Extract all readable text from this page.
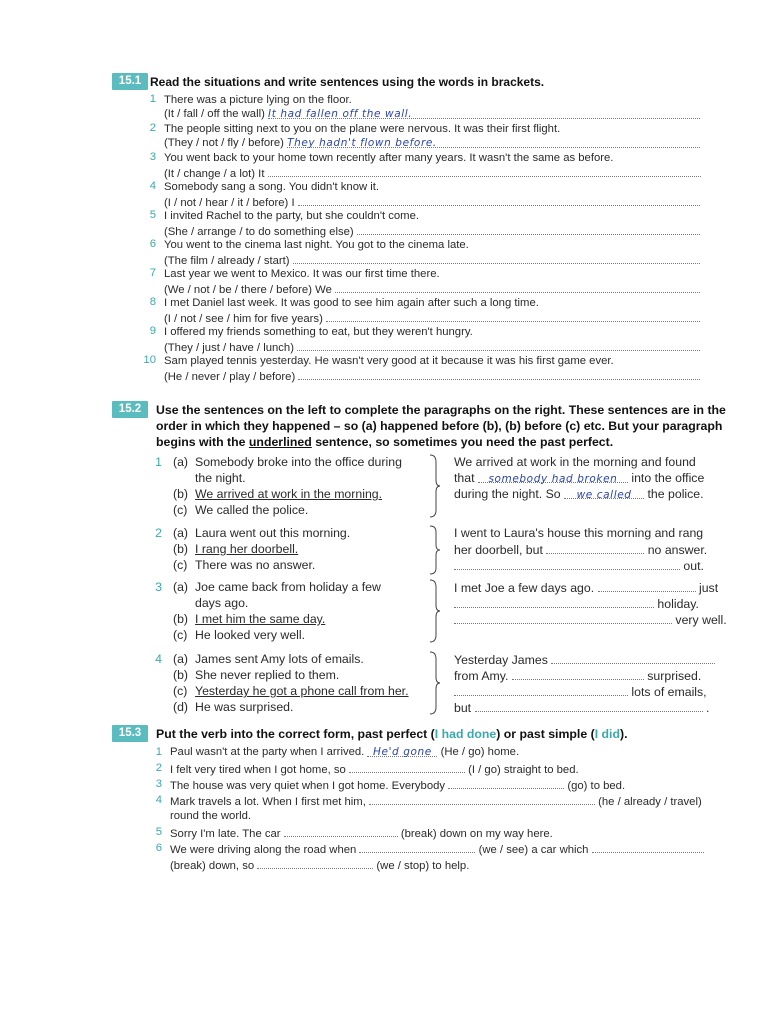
15.1 Read the situations and write sentences using the words in brackets.
1 There was a picture lying on the floor.
(It / fall / off the wall) It had fallen off the wall.
2 The people sitting next to you on the plane were nervous. It was their first flight.
(They / not / fly / before) They hadn't flown before.
3 You went back to your home town recently after many years. It wasn't the same as before.
(It / change / a lot) It
4 Somebody sang a song. You didn't know it.
(I / not / hear / it / before) I
5 I invited Rachel to the party, but she couldn't come.
(She / arrange / to do something else)
6 You went to the cinema last night. You got to the cinema late.
(The film / already / start)
7 Last year we went to Mexico. It was our first time there.
(We / not / be / there / before) We
8 I met Daniel last week. It was good to see him again after such a long time.
(I / not / see / him for five years)
9 I offered my friends something to eat, but they weren't hungry.
(They / just / have / lunch)
10 Sam played tennis yesterday. He wasn't very good at it because it was his first game ever.
(He / never / play / before)
15.2	Use the sentences on the left to complete the paragraphs on the right. These sentences are in the
order in which they happened – so (a) happened before (b), (b) before (c) etc. But your paragraph
begins with the underlined sentence, so sometimes you need the past perfect.
1 (a) Somebody broke into the office during
the night.
(b) We arrived at work in the morning.
(c) We called the police.
We arrived at work in the morning and found
that somebody had broken into the office
during the night. So we called the police.
2 (a) Laura went out this morning.
(b) I rang her doorbell.
(c) There was no answer.
I went to Laura's house this morning and rang
her doorbell, but	no answer.
out.
3 (a) Joe came back from holiday a few
days ago.
(b) I met him the same day.
(c) He looked very well.
I met Joe a few days ago.	just
holiday.
very well.
4 (a) James sent Amy lots of emails.
(b) She never replied to them.
(c) Yesterday he got a phone call from her.
(d) He was surprised.
Yesterday James
from Amy.	surprised.
lots of emails,
but	.
15.3	Put the verb into the correct form, past perfect (I had done) or past simple (I did).
1 Paul wasn't at the party when I arrived. He'd gone (He / go) home.
2 I felt very tired when I got home, so	(I / go) straight to bed.
3 The house was very quiet when I got home. Everybody	(go) to bed.
4 Mark travels a lot. When I first met him,	(he / already / travel)
round the world.
5 Sorry I'm late. The car	(break) down on my way here.
6 We were driving along the road when	(we / see) a car which
(break) down, so	(we / stop) to help.
